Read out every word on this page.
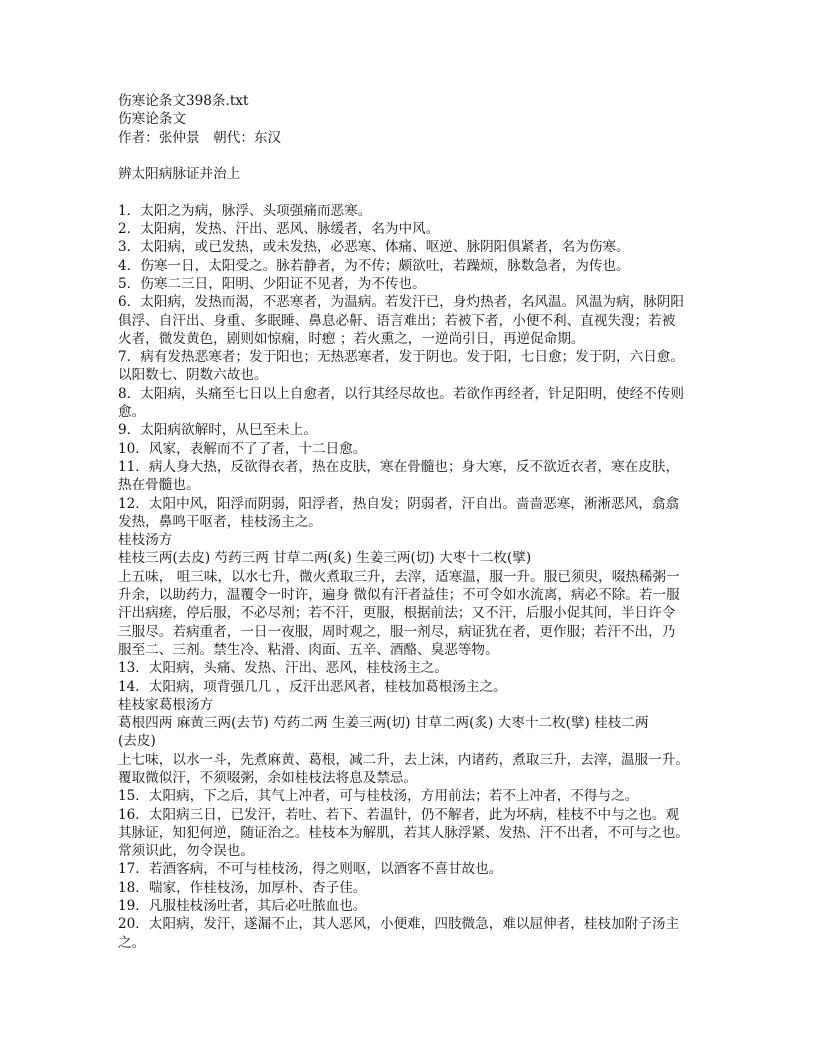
伤寒论条文398条.txt
伤寒论条文
作者：张仲景　朝代：东汉
辨太阳病脉证并治上
1．太阳之为病，脉浮、头项强痛而恶寒。
2．太阳病，发热、汗出、恶风、脉缓者，名为中风。
3．太阳病，或已发热，或未发热，必恶寒、体痛、呕逆、脉阴阳俱紧者，名为伤寒。
4．伤寒一日，太阳受之。脉若静者，为不传；颇欲吐，若躁烦，脉数急者，为传也。
5．伤寒二三日，阳明、少阳证不见者，为不传也。
6．太阳病，发热而渴，不恶寒者，为温病。若发汗已，身灼热者，名风温。风温为病，脉阴阳
俱浮、自汗出、身重、多眠睡、鼻息必鼾、语言难出；若被下者，小便不利、直视失溲；若被
火者，微发黄色，剧则如惊痫，时瘛 ；若火熏之，一逆尚引日，再逆促命期。
7．病有发热恶寒者；发于阳也；无热恶寒者，发于阴也。发于阳，七日愈；发于阴，六日愈。
以阳数七、阴数六故也。
8．太阳病，头痛至七日以上自愈者，以行其经尽故也。若欲作再经者，针足阳明，使经不传则
愈。
9．太阳病欲解时，从巳至未上。
10．风家，表解而不了了者，十二日愈。
11．病人身大热，反欲得衣者，热在皮肤，寒在骨髓也；身大寒，反不欲近衣者，寒在皮肤，
热在骨髓也。
12．太阳中风，阳浮而阴弱，阳浮者，热自发；阴弱者，汗自出。啬啬恶寒，淅淅恶风，翕翕
发热，鼻鸣干呕者，桂枝汤主之。
桂枝汤方
桂枝三两(去皮) 芍药三两 甘草二两(炙) 生姜三两(切) 大枣十二枚(擘)
上五味， 咀三味，以水七升，微火煮取三升，去滓，适寒温，服一升。服已须臾，啜热稀粥一
升余，以助药力，温覆令一时许，遍身 微似有汗者益佳；不可令如水流离，病必不除。若一服
汗出病瘥，停后服，不必尽剂；若不汗，更服，根据前法；又不汗，后服小促其间，半日许令
三服尽。若病重者，一日一夜服，周时观之，服一剂尽，病证犹在者，更作服；若汗不出，乃
服至二、三剂。禁生冷、粘滑、肉面、五辛、酒酪、臭恶等物。
13．太阳病，头痛、发热、汗出、恶风，桂枝汤主之。
14．太阳病，项背强几几 ，反汗出恶风者，桂枝加葛根汤主之。
桂枝家葛根汤方
葛根四两 麻黄三两(去节) 芍药二两 生姜三两(切) 甘草二两(炙) 大枣十二枚(擘) 桂枝二两
(去皮)
上七味，以水一斗，先煮麻黄、葛根，减二升，去上沫，内诸药，煮取三升，去滓，温服一升。
覆取微似汗，不须啜粥，余如桂枝法将息及禁忌。
15．太阳病，下之后，其气上冲者，可与桂枝汤，方用前法；若不上冲者，不得与之。
16．太阳病三日，已发汗，若吐、若下、若温针，仍不解者，此为坏病，桂枝不中与之也。观
其脉证，知犯何逆，随证治之。桂枝本为解肌，若其人脉浮紧、发热、汗不出者，不可与之也。
常须识此，勿令误也。
17．若酒客病，不可与桂枝汤，得之则呕，以酒客不喜甘故也。
18．喘家，作桂枝汤，加厚朴、杏子佳。
19．凡服桂枝汤吐者，其后必吐脓血也。
20．太阳病，发汗，遂漏不止，其人恶风，小便难，四肢微急，难以屈伸者，桂枝加附子汤主
之。
